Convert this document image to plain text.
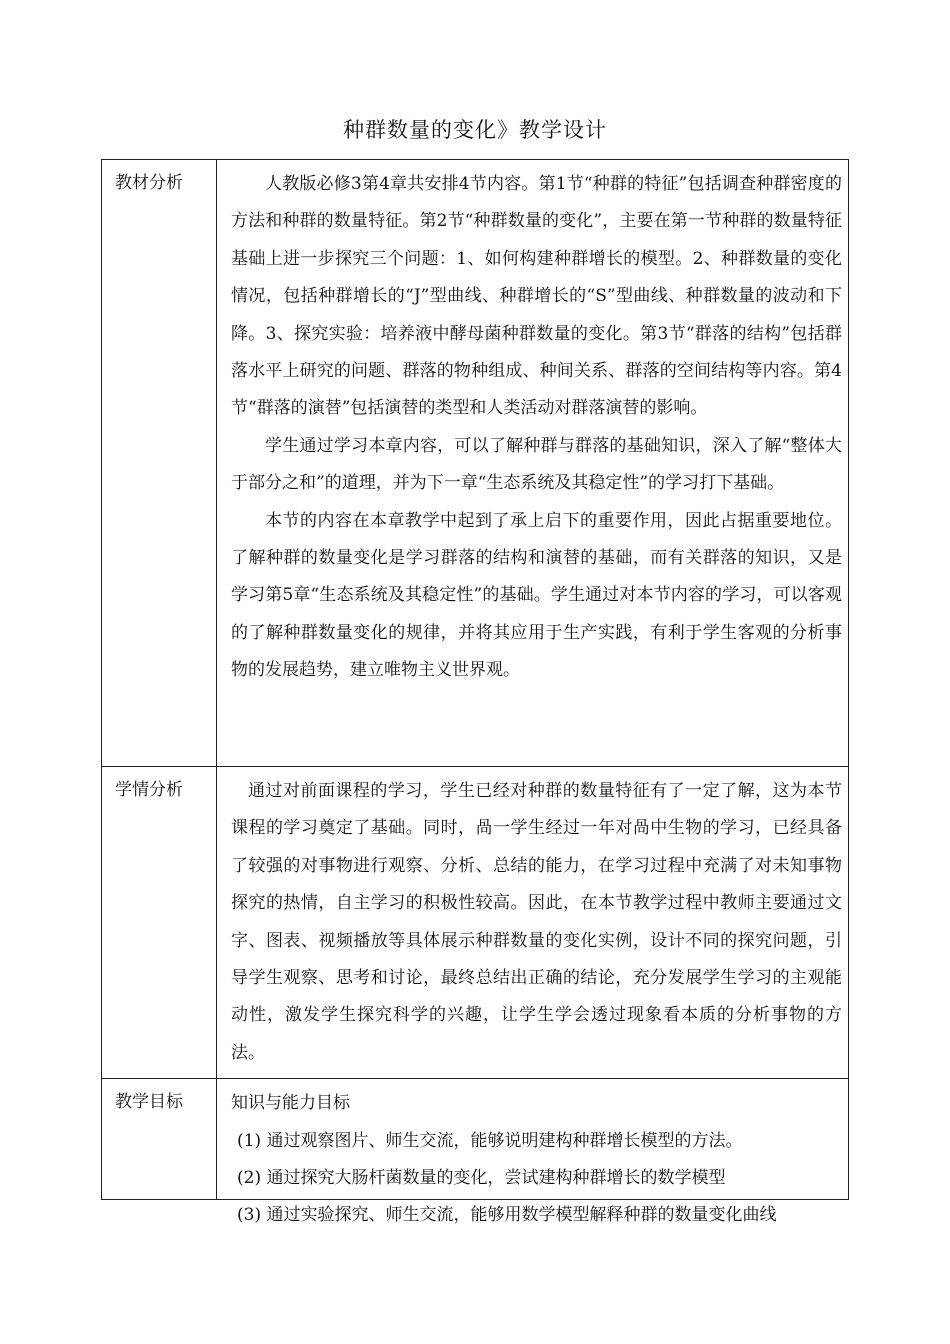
种群数量的变化》教学设计
教材分析	人教版必修3第4章共安排4节内容。第1节“种群的特征”包括调查种群密度的方法和种群的数量特征。第2节“种群数量的变化”，主要在第一节种群的数量特征基础上进一步探究三个问题：1、如何构建种群增长的模型。2、种群数量的变化情况，包括种群增长的“J”型曲线、种群增长的“S”型曲线、种群数量的波动和下降。3、探究实验：培养液中酵母菌种群数量的变化。第3节“群落的结构”包括群落水平上研究的问题、群落的物种组成、种间关系、群落的空间结构等内容。第4节“群落的演替”包括演替的类型和人类活动对群落演替的影响。

学生通过学习本章内容，可以了解种群与群落的基础知识，深入了解“整体大于部分之和”的道理，并为下一章“生态系统及其稳定性”的学习打下基础。

本节的内容在本章教学中起到了承上启下的重要作用，因此占据重要地位。了解种群的数量变化是学习群落的结构和演替的基础，而有关群落的知识，又是学习第5章“生态系统及其稳定性”的基础。学生通过对本节内容的学习，可以客观的了解种群数量变化的规律，并将其应用于生产实践，有利于学生客观的分析事物的发展趋势，建立唯物主义世界观。

学情分析	通过对前面课程的学习，学生已经对种群的数量特征有了一定了解，这为本节课程的学习奠定了基础。同时，咼一学生经过一年对咼中生物的学习，已经具备了较强的对事物进行观察、分析、总结的能力，在学习过程中充满了对未知事物探究的热情，自主学习的积极性较高。因此，在本节教学过程中教师主要通过文字、图表、视频播放等具体展示种群数量的变化实例，设计不同的探究问题，引导学生观察、思考和讨论，最终总结出正确的结论，充分发展学生学习的主观能动性，激发学生探究科学的兴趣，让学生学会透过现象看本质的分析事物的方法。

教学目标	知识与能力目标

(1) 通过观察图片、师生交流，能够说明建构种群增长模型的方法。

(2) 通过探究大肠杆菌数量的变化，尝试建构种群增长的数学模型

(3) 通过实验探究、师生交流，能够用数学模型解释种群的数量变化曲线
